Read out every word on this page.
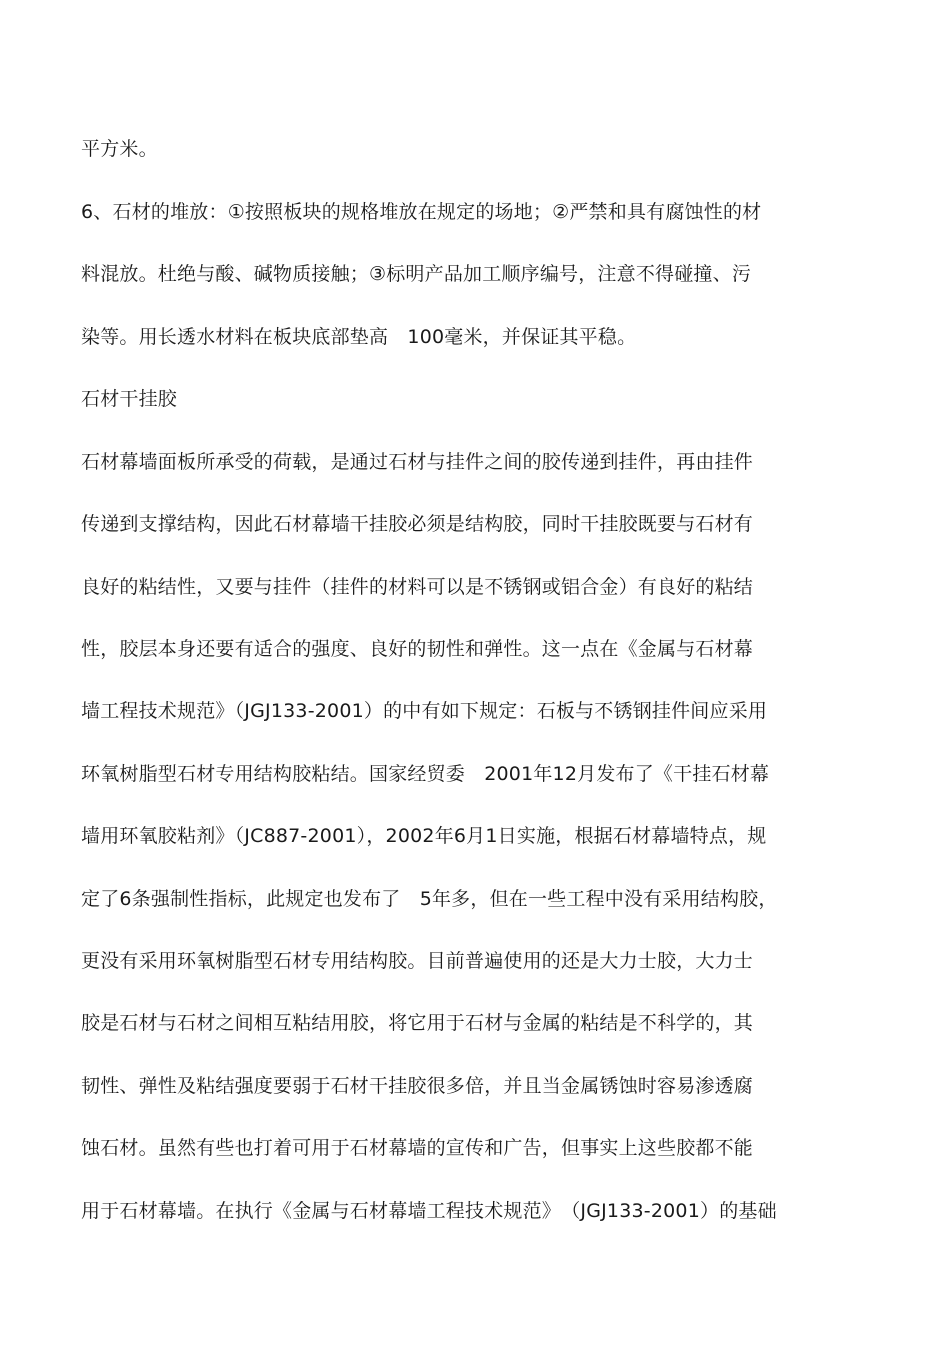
平方米。

6、石材的堆放：①按照板块的规格堆放在规定的场地；②严禁和具有腐蚀性的材

料混放。杜绝与酸、碱物质接触；③标明产品加工顺序编号，注意不得碰撞、污

染等。用长透水材料在板块底部垫高　100毫米，并保证其平稳。

石材干挂胶

石材幕墙面板所承受的荷载，是通过石材与挂件之间的胶传递到挂件，再由挂件

传递到支撑结构，因此石材幕墙干挂胶必须是结构胶，同时干挂胶既要与石材有

良好的粘结性，又要与挂件（挂件的材料可以是不锈钢或铝合金）有良好的粘结

性，胶层本身还要有适合的强度、良好的韧性和弹性。这一点在《金属与石材幕

墙工程技术规范》（JGJ133-2001）的中有如下规定：石板与不锈钢挂件间应采用

环氧树脂型石材专用结构胶粘结。国家经贸委　2001年12月发布了《干挂石材幕

墙用环氧胶粘剂》（JC887-2001），2002年6月1日实施，根据石材幕墙特点，规

定了6条强制性指标，此规定也发布了　5年多，但在一些工程中没有采用结构胶，

更没有采用环氧树脂型石材专用结构胶。目前普遍使用的还是大力士胶，大力士

胶是石材与石材之间相互粘结用胶，将它用于石材与金属的粘结是不科学的，其

韧性、弹性及粘结强度要弱于石材干挂胶很多倍，并且当金属锈蚀时容易渗透腐

蚀石材。虽然有些也打着可用于石材幕墙的宣传和广告，但事实上这些胶都不能

用于石材幕墙。在执行《金属与石材幕墙工程技术规范》　（JGJ133-2001）的基础
